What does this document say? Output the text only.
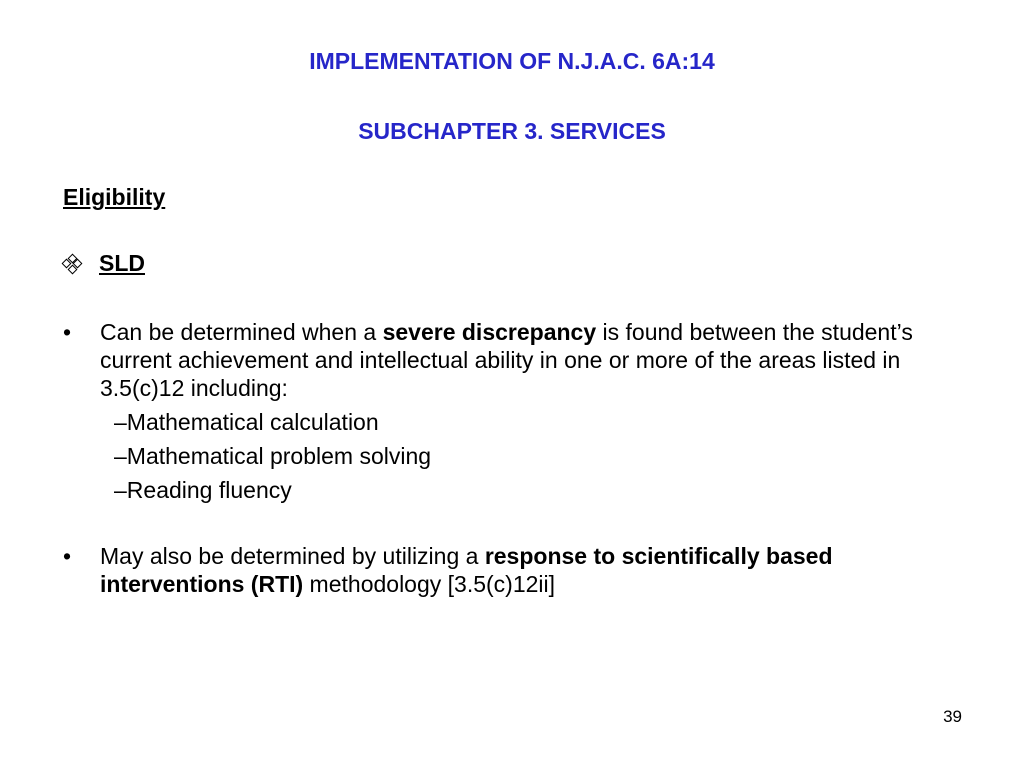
IMPLEMENTATION OF N.J.A.C. 6A:14
SUBCHAPTER 3. SERVICES

Eligibility

SLD
•	Can be determined when a severe discrepancy is found between the student’s current achievement and intellectual ability in one or more of the areas listed in 3.5(c)12 including:
–Mathematical calculation
–Mathematical problem solving
–Reading fluency
•	May also be determined by utilizing a response to scientifically based interventions (RTI) methodology [3.5(c)12ii]
39
